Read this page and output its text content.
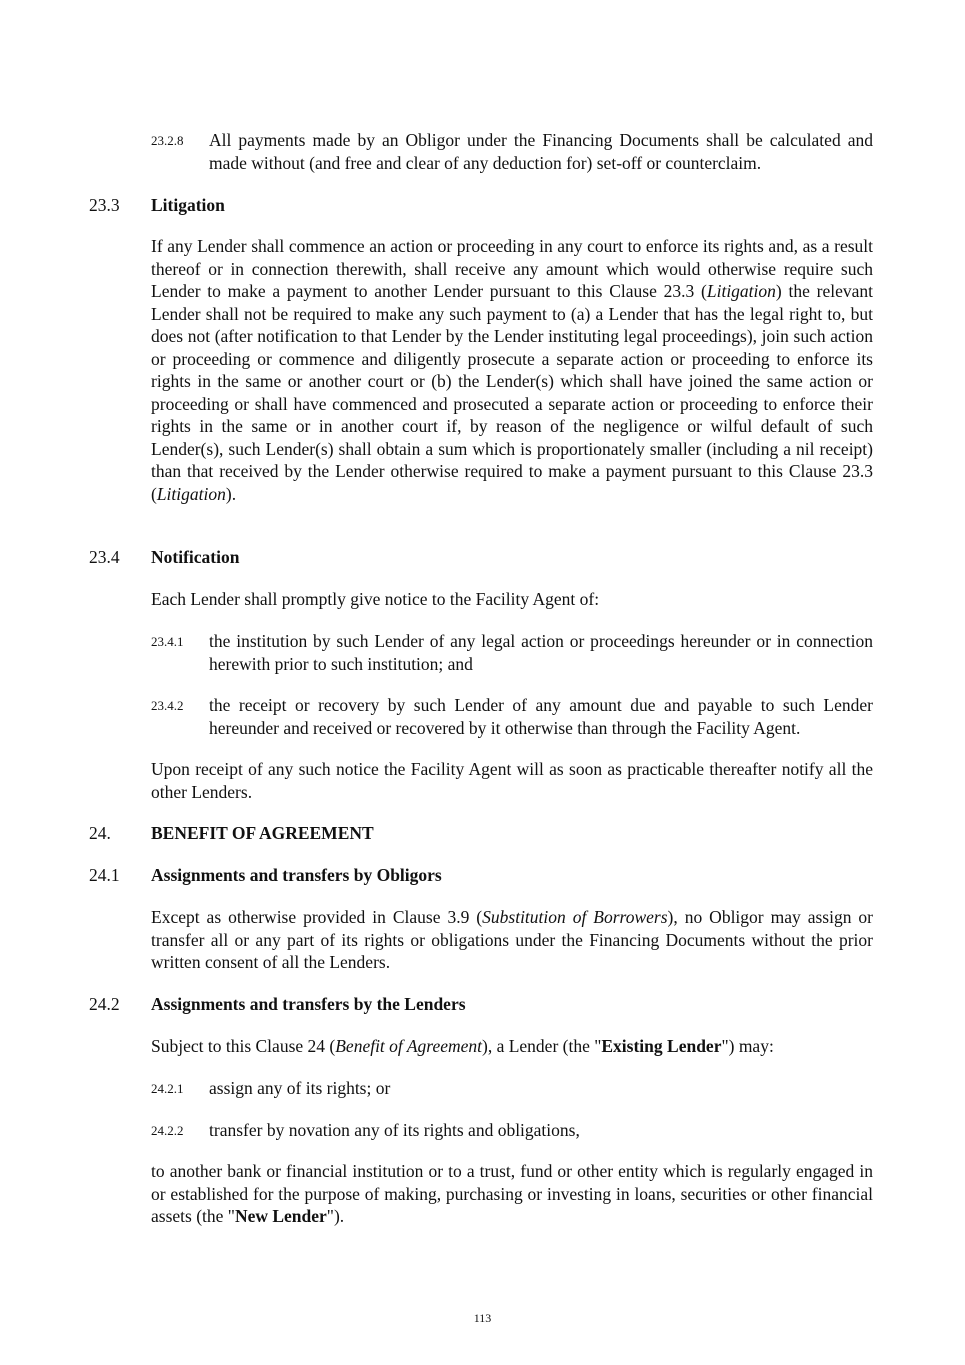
23.2.8 All payments made by an Obligor under the Financing Documents shall be calculated and made without (and free and clear of any deduction for) set-off or counterclaim.
23.3 Litigation
If any Lender shall commence an action or proceeding in any court to enforce its rights and, as a result thereof or in connection therewith, shall receive any amount which would otherwise require such Lender to make a payment to another Lender pursuant to this Clause 23.3 (Litigation) the relevant Lender shall not be required to make any such payment to (a) a Lender that has the legal right to, but does not (after notification to that Lender by the Lender instituting legal proceedings), join such action or proceeding or commence and diligently prosecute a separate action or proceeding to enforce its rights in the same or another court or (b) the Lender(s) which shall have joined the same action or proceeding or shall have commenced and prosecuted a separate action or proceeding to enforce their rights in the same or in another court if, by reason of the negligence or wilful default of such Lender(s), such Lender(s) shall obtain a sum which is proportionately smaller (including a nil receipt) than that received by the Lender otherwise required to make a payment pursuant to this Clause 23.3 (Litigation).
23.4 Notification
Each Lender shall promptly give notice to the Facility Agent of:
23.4.1 the institution by such Lender of any legal action or proceedings hereunder or in connection herewith prior to such institution; and
23.4.2 the receipt or recovery by such Lender of any amount due and payable to such Lender hereunder and received or recovered by it otherwise than through the Facility Agent.
Upon receipt of any such notice the Facility Agent will as soon as practicable thereafter notify all the other Lenders.
24. BENEFIT OF AGREEMENT
24.1 Assignments and transfers by Obligors
Except as otherwise provided in Clause 3.9 (Substitution of Borrowers), no Obligor may assign or transfer all or any part of its rights or obligations under the Financing Documents without the prior written consent of all the Lenders.
24.2 Assignments and transfers by the Lenders
Subject to this Clause 24 (Benefit of Agreement), a Lender (the "Existing Lender") may:
24.2.1 assign any of its rights; or
24.2.2 transfer by novation any of its rights and obligations,
to another bank or financial institution or to a trust, fund or other entity which is regularly engaged in or established for the purpose of making, purchasing or investing in loans, securities or other financial assets (the "New Lender").
113
